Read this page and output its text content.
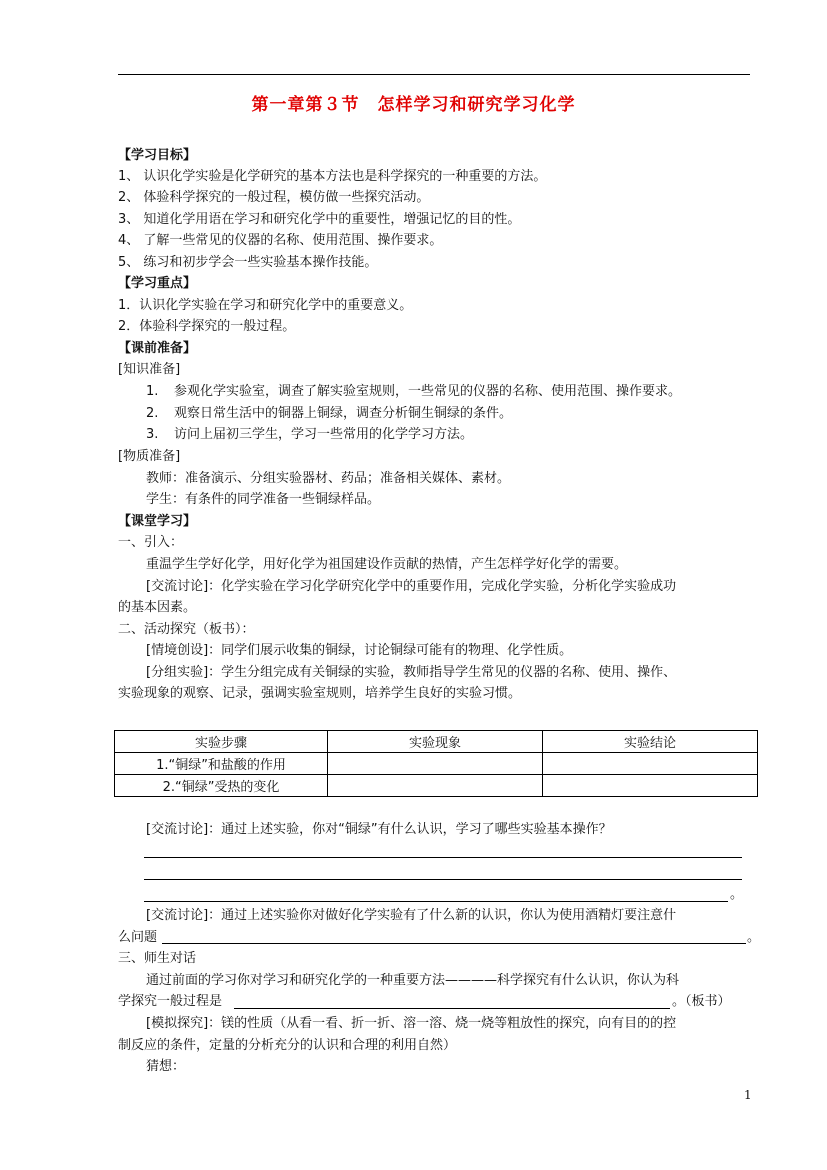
第一章第３节　怎样学习和研究学习化学
【学习目标】
1、 认识化学实验是化学研究的基本方法也是科学探究的一种重要的方法。
2、 体验科学探究的一般过程，模仿做一些探究活动。
3、 知道化学用语在学习和研究化学中的重要性，增强记忆的目的性。
4、 了解一些常见的仪器的名称、使用范围、操作要求。
5、 练习和初步学会一些实验基本操作技能。
【学习重点】
1．认识化学实验在学习和研究化学中的重要意义。
2．体验科学探究的一般过程。
【课前准备】
[知识准备]
1. 参观化学实验室，调查了解实验室规则，一些常见的仪器的名称、使用范围、操作要求。
2. 观察日常生活中的铜器上铜绿，调查分析铜生铜绿的条件。
3. 访问上届初三学生，学习一些常用的化学学习方法。
[物质准备]
教师：准备演示、分组实验器材、药品；准备相关媒体、素材。
学生：有条件的同学准备一些铜绿样品。
【课堂学习】
一、引入：
重温学生学好化学，用好化学为祖国建设作贡献的热情，产生怎样学好化学的需要。
[交流讨论]：化学实验在学习化学研究化学中的重要作用，完成化学实验，分析化学实验成功
的基本因素。
二、活动探究（板书）：
[情境创设]：同学们展示收集的铜绿，讨论铜绿可能有的物理、化学性质。
[分组实验]：学生分组完成有关铜绿的实验，教师指导学生常见的仪器的名称、使用、操作、
实验现象的观察、记录，强调实验室规则，培养学生良好的实验习惯。
实验步骤	实验现象	实验结论
1.“铜绿”和盐酸的作用		
2.“铜绿”受热的变化		
[交流讨论]：通过上述实验，你对“铜绿”有什么认识，学习了哪些实验基本操作？
。
[交流讨论]：通过上述实验你对做好化学实验有了什么新的认识，你认为使用酒精灯要注意什
么问题	。
三、师生对话
通过前面的学习你对学习和研究化学的一种重要方法————科学探究有什么认识，你认为科
学探究一般过程是	。（板书）
[模拟探究]：镁的性质（从看一看、折一折、溶一溶、烧一烧等粗放性的探究，向有目的的控
制反应的条件，定量的分析充分的认识和合理的利用自然）
猜想：
1
